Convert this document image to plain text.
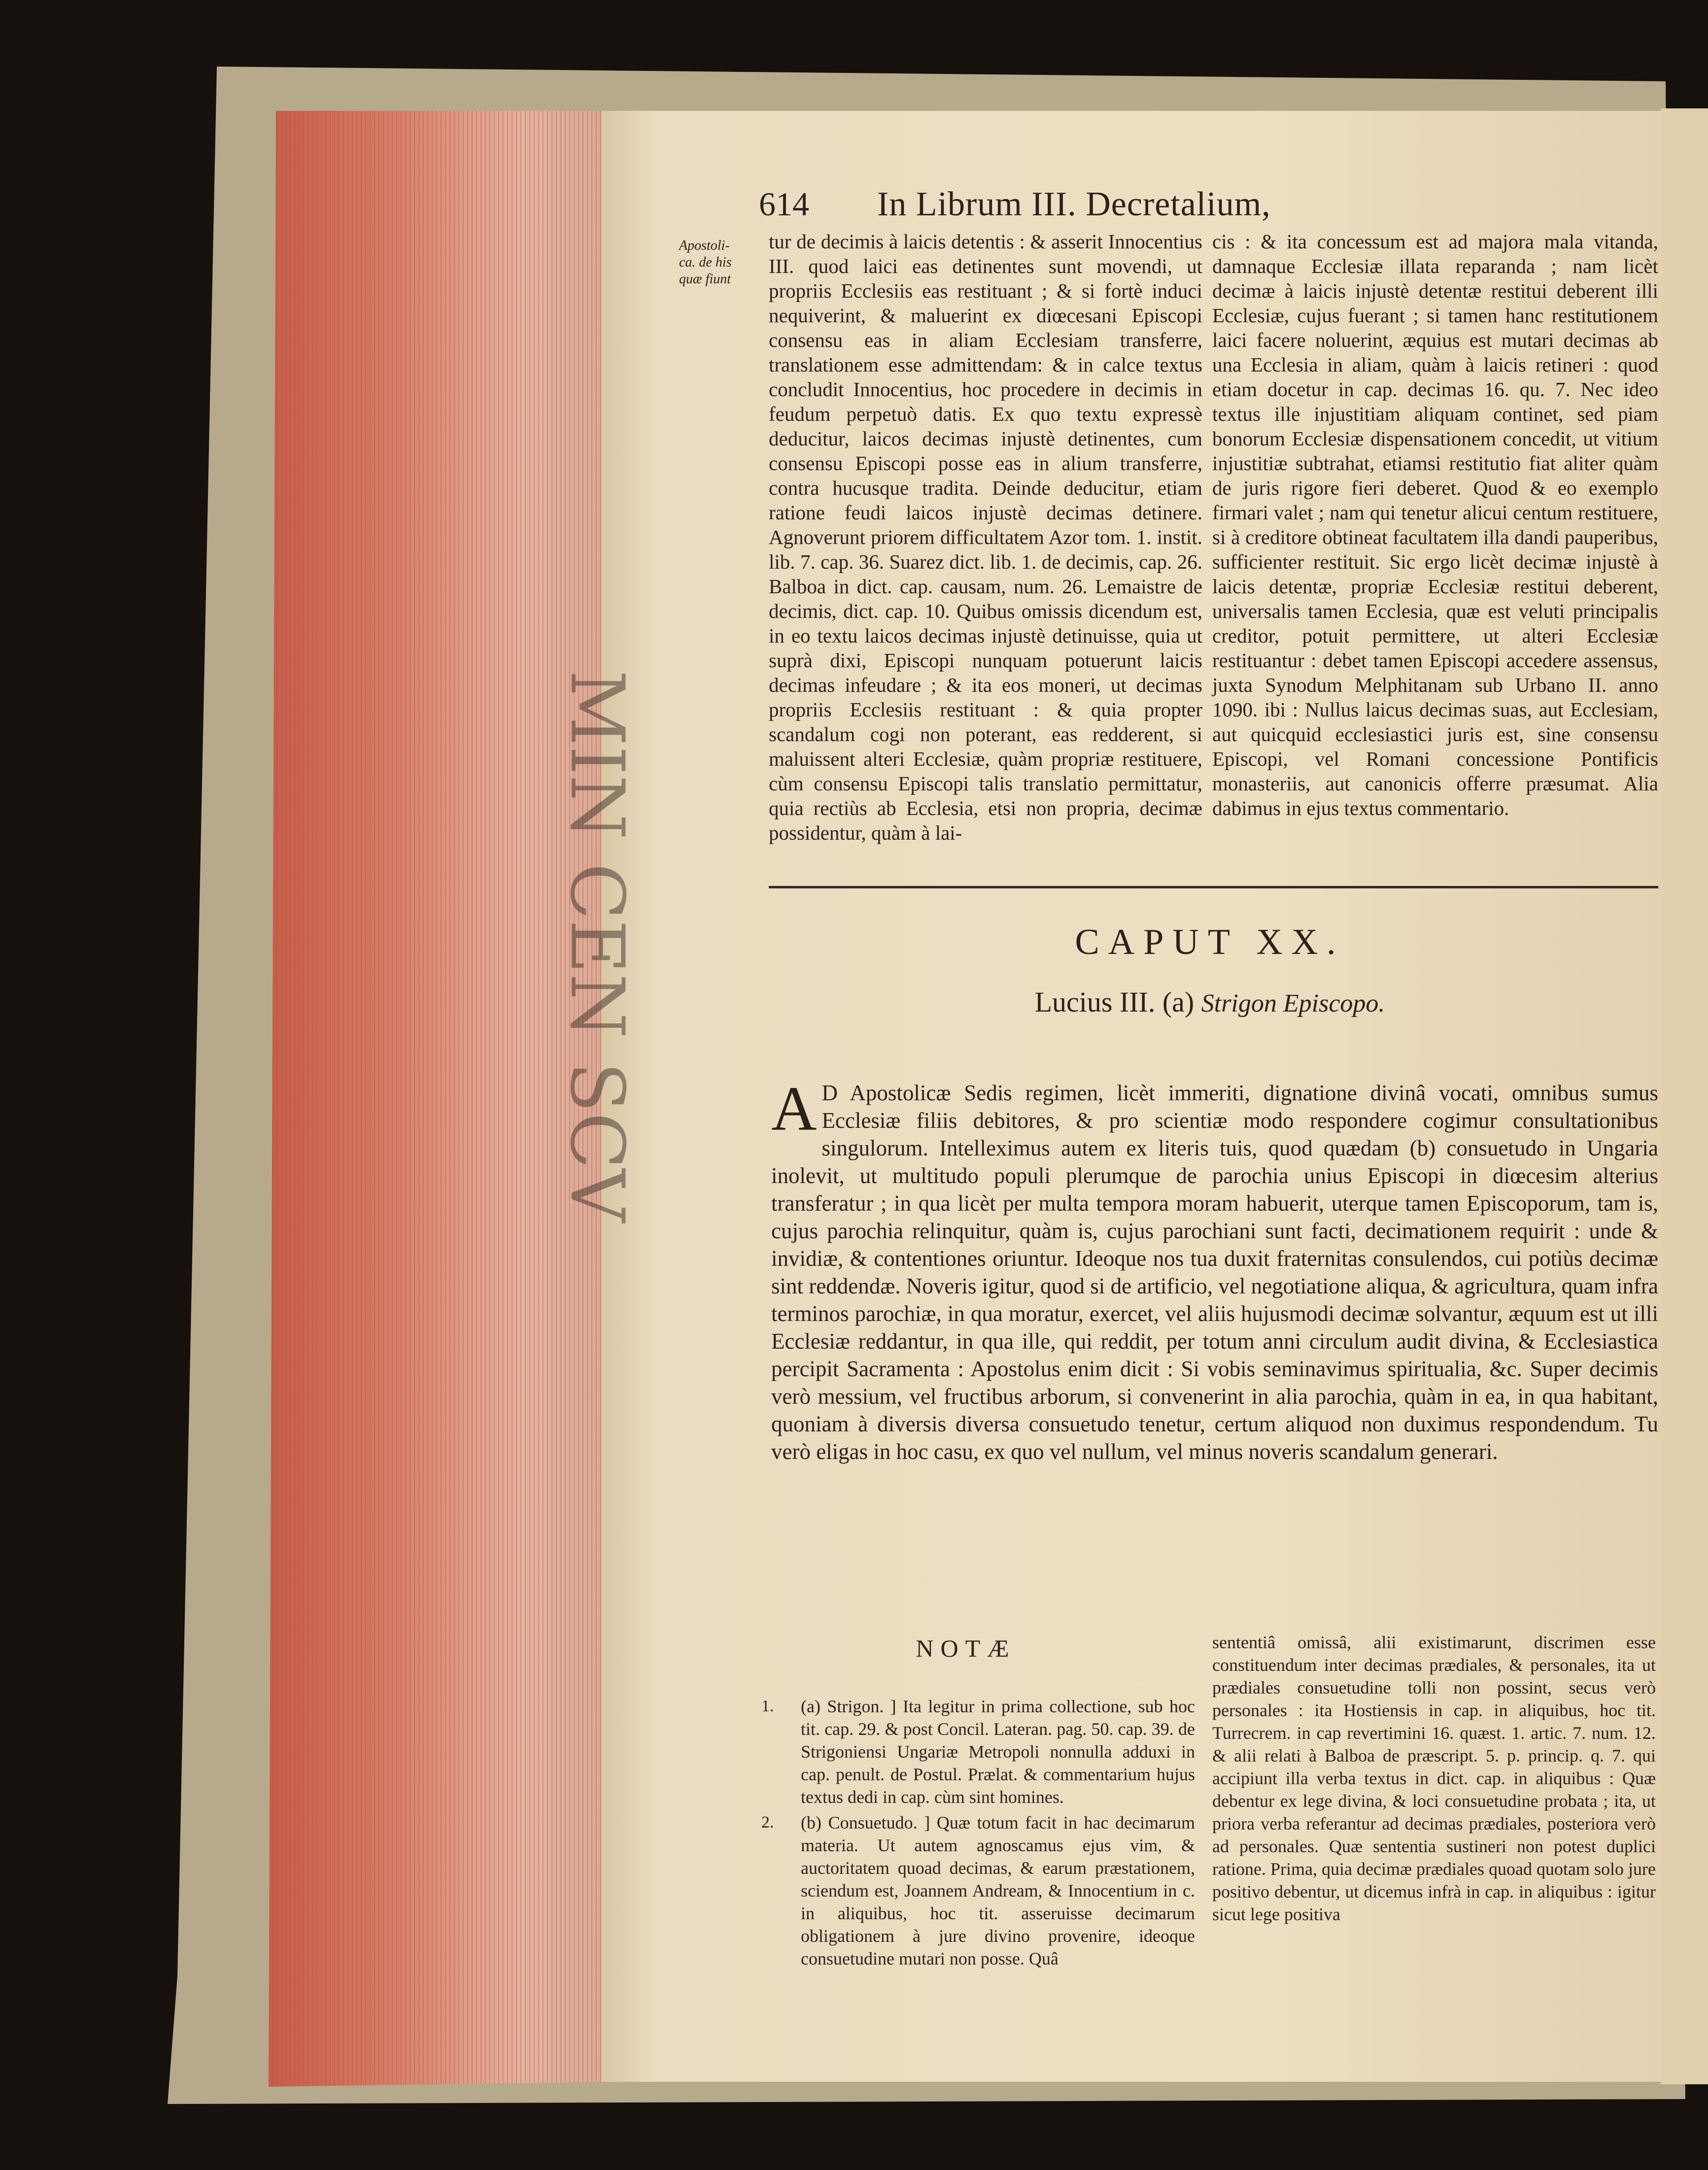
MIN CEN SCV
614 In Librum III. Decretalium,
Apostoli-
ca. de his
quæ fiunt

tur de decimis à laicis detentis : & asserit Innocentius III. quod laici eas detinentes sunt movendi, ut propriis Ecclesiis eas restituant ; & si fortè induci nequiverint, & maluerint ex diœcesani Episcopi consensu eas in aliam Ecclesiam transferre, translationem esse admittendam: & in calce textus concludit Innocentius, hoc procedere in decimis in feudum perpetuò datis. Ex quo textu expressè deducitur, laicos decimas injustè detinentes, cum consensu Episcopi posse eas in alium transferre, contra hucusque tradita. Deinde deducitur, etiam ratione feudi laicos injustè decimas detinere. Agnoverunt priorem difficultatem Azor tom. 1. instit. lib. 7. cap. 36. Suarez dict. lib. 1. de decimis, cap. 26. Balboa in dict. cap. causam, num. 26. Lemaistre de decimis, dict. cap. 10. Quibus omissis dicendum est, in eo textu laicos decimas injustè detinuisse, quia ut suprà dixi, Episcopi nunquam potuerunt laicis decimas infeudare ; & ita eos moneri, ut decimas propriis Ecclesiis restituant : & quia propter scandalum cogi non poterant, eas redderent, si maluissent alteri Ecclesiæ, quàm propriæ restituere, cùm consensu Episcopi talis translatio permittatur, quia rectiùs ab Ecclesia, etsi non propria, decimæ possidentur, quàm à lai-

cis : & ita concessum est ad majora mala vitanda, damnaque Ecclesiæ illata reparanda ; nam licèt decimæ à laicis injustè detentæ restitui deberent illi Ecclesiæ, cujus fuerant ; si tamen hanc restitutionem laici facere noluerint, æquius est mutari decimas ab una Ecclesia in aliam, quàm à laicis retineri : quod etiam docetur in cap. decimas 16. qu. 7. Nec ideo textus ille injustitiam aliquam continet, sed piam bonorum Ecclesiæ dispensationem concedit, ut vitium injustitiæ subtrahat, etiamsi restitutio fiat aliter quàm de juris rigore fieri deberet. Quod & eo exemplo firmari valet ; nam qui tenetur alicui centum restituere, si à creditore obtineat facultatem illa dandi pauperibus, sufficienter restituit. Sic ergo licèt decimæ injustè à laicis detentæ, propriæ Ecclesiæ restitui deberent, universalis tamen Ecclesia, quæ est veluti principalis creditor, potuit permittere, ut alteri Ecclesiæ restituantur : debet tamen Episcopi accedere assensus, juxta Synodum Melphitanam sub Urbano II. anno 1090. ibi : Nullus laicus decimas suas, aut Ecclesiam, aut quicquid ecclesiastici juris est, sine consensu Episcopi, vel Romani concessione Pontificis monasteriis, aut canonicis offerre præsumat. Alia dabimus in ejus textus commentario.

CAPUT XX.
Lucius III. (a) Strigon Episcopo.
A D Apostolicæ Sedis regimen, licèt immeriti, dignatione divinâ vocati, omnibus sumus Ecclesiæ filiis debitores, & pro scientiæ modo respondere cogimur consultationibus singulorum. Intelleximus autem ex literis tuis, quod quædam (b) consuetudo in Ungaria inolevit, ut multitudo populi plerumque de parochia unius Episcopi in diœcesim alterius transferatur ; in qua licèt per multa tempora moram habuerit, uterque tamen Episcoporum, tam is, cujus parochia relinquitur, quàm is, cujus parochiani sunt facti, decimationem requirit : unde & invidiæ, & contentiones oriuntur. Ideoque nos tua duxit fraternitas consulendos, cui potiùs decimæ sint reddendæ. Noveris igitur, quod si de artificio, vel negotiatione aliqua, & agricultura, quam infra terminos parochiæ, in qua moratur, exercet, vel aliis hujusmodi decimæ solvantur, æquum est ut illi Ecclesiæ reddantur, in qua ille, qui reddit, per totum anni circulum audit divina, & Ecclesiastica percipit Sacramenta : Apostolus enim dicit : Si vobis seminavimus spiritualia, &c. Super decimis verò messium, vel fructibus arborum, si convenerint in alia parochia, quàm in ea, in qua habitant, quoniam à diversis diversa consuetudo tenetur, certum aliquod non duximus respondendum. Tu verò eligas in hoc casu, ex quo vel nullum, vel minus noveris scandalum generari.

NOTÆ
1. (a) Strigon. ] Ita legitur in prima collectione, sub hoc tit. cap. 29. & post Concil. Lateran. pag. 50. cap. 39. de Strigoniensi Ungariæ Metropoli nonnulla adduxi in cap. penult. de Postul. Prælat. & commentarium hujus textus dedi in cap. cùm sint homines.

2. (b) Consuetudo. ] Quæ totum facit in hac decimarum materia. Ut autem agnoscamus ejus vim, & auctoritatem quoad decimas, & earum præstationem, sciendum est, Joannem Andream, & Innocentium in c. in aliquibus, hoc tit. asseruisse decimarum obligationem à jure divino provenire, ideoque consuetudine mutari non posse. Quâ

sententiâ omissâ, alii existimarunt, discrimen esse constituendum inter decimas prædiales, & personales, ita ut prædiales consuetudine tolli non possint, secus verò personales : ita Hostiensis in cap. in aliquibus, hoc tit. Turrecrem. in cap revertimini 16. quæst. 1. artic. 7. num. 12. & alii relati à Balboa de præscript. 5. p. princip. q. 7. qui accipiunt illa verba textus in dict. cap. in aliquibus : Quæ debentur ex lege divina, & loci consuetudine probata ; ita, ut priora verba referantur ad decimas prædiales, posteriora verò ad personales. Quæ sententia sustineri non potest duplici ratione. Prima, quia decimæ prædiales quoad quotam solo jure positivo debentur, ut dicemus infrà in cap. in aliquibus : igitur sicut lege positiva
